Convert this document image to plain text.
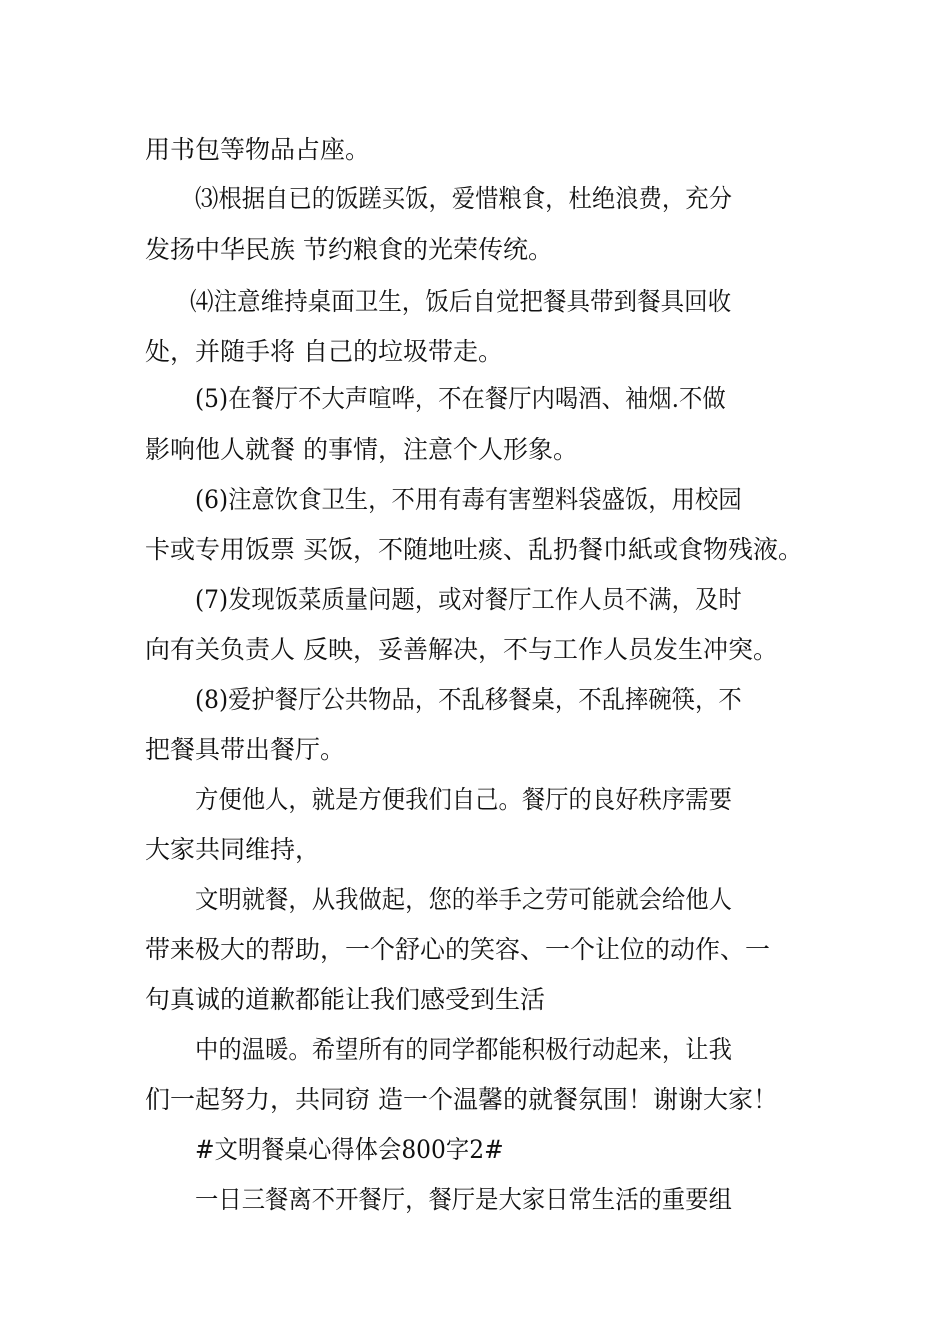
用书包等物品占座。
⑶根据自已的饭蹉买饭，爱惜粮食，杜绝浪费，充分
发扬中华民族 节约粮食的光荣传统。
⑷注意维持桌面卫生，饭后自觉把餐具带到餐具回收
处，并随手将 自己的垃圾带走。
(5)在餐厅不大声喧哗，不在餐厅内喝酒、袖烟.不做
影响他人就餐 的事情，注意个人形象。
(6)注意饮食卫生，不用有毒有害塑料袋盛饭，用校园
卡或专用饭票 买饭，不随地吐痰、乱扔餐巾紙或食物残液。
(7)发现饭菜质量问题，或对餐厅工作人员不满，及时
向有关负责人 反映，妥善解决，不与工作人员发生冲突。
(8)爱护餐厅公共物品，不乱移餐桌，不乱摔碗筷，不
把餐具带出餐厅。
方便他人，就是方便我们自己。餐厅的良好秩序需要
大家共同维持，
文明就餐，从我做起，您的举手之劳可能就会给他人
带来极大的帮助，一个舒心的笑容、一个让位的动作、一
句真诚的道歉都能让我们感受到生活
中的温暖。希望所有的同学都能积极行动起来，让我
们一起努力，共同窃 造一个温馨的就餐氛围！谢谢大家！
#文明餐桌心得体会800字2#
一日三餐离不开餐厅，餐厅是大家日常生活的重要组
